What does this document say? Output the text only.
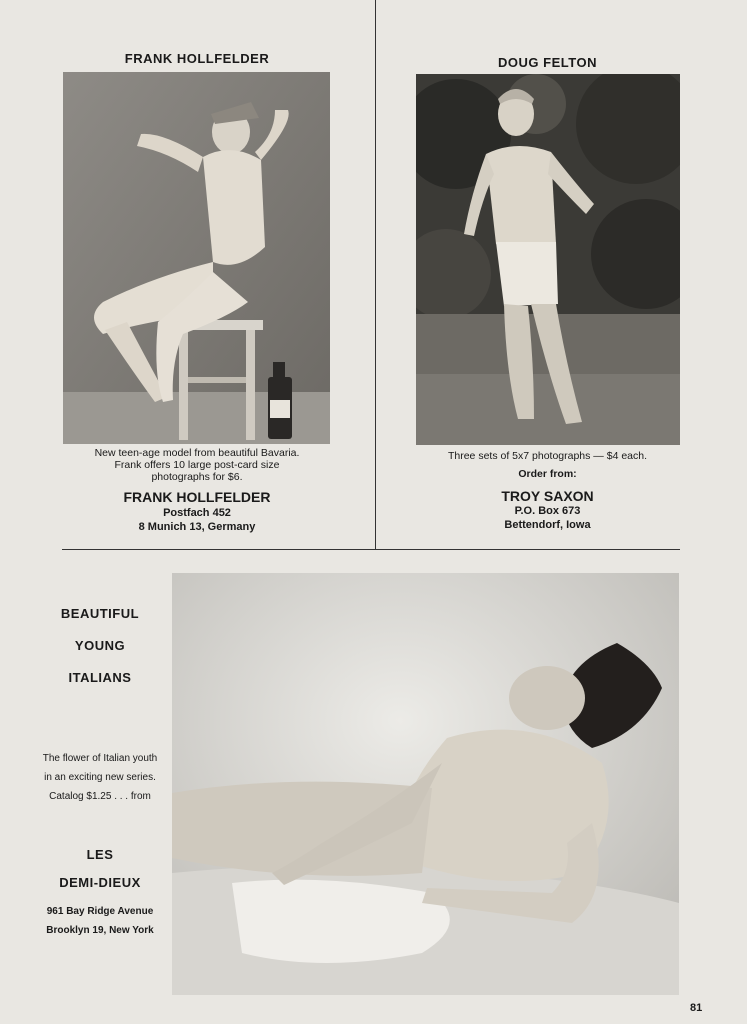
FRANK HOLLFELDER
New teen-age model from beautiful Bavaria.
Frank offers 10 large post-card size
photographs for $6.
FRANK HOLLFELDER
Postfach 452
8 Munich 13, Germany
DOUG FELTON
Three sets of 5x7 photographs — $4 each.
Order from:
TROY SAXON
P.O. Box 673
Bettendorf, Iowa
BEAUTIFUL
YOUNG
ITALIANS
The flower of Italian youth
in an exciting new series.
Catalog $1.25 . . . from
LES
DEMI-DIEUX
961 Bay Ridge Avenue
Brooklyn 19, New York
81
